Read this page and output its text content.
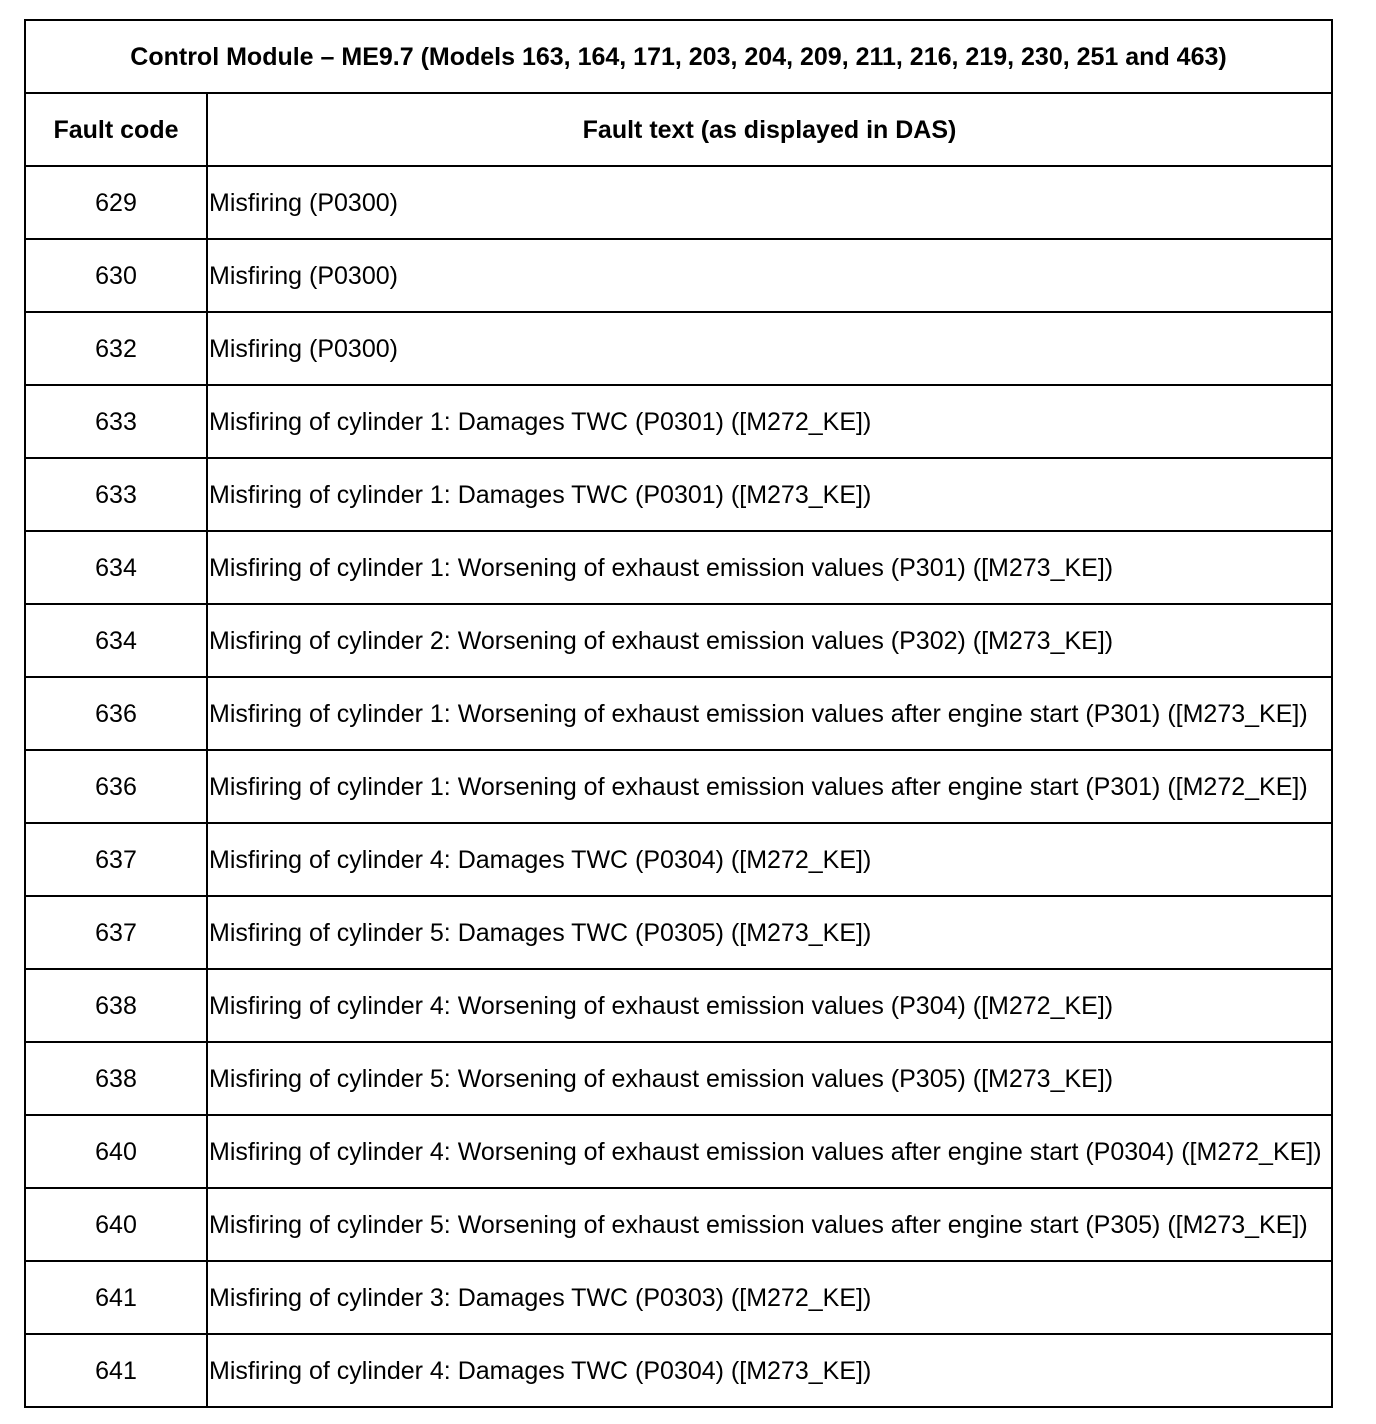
Control Module – ME9.7 (Models 163, 164, 171, 203, 204, 209, 211, 216, 219, 230, 251 and 463)	
Fault code	Fault text (as displayed in DAS)
629	Misfiring (P0300)
630	Misfiring (P0300)
632	Misfiring (P0300)
633	Misfiring of cylinder 1: Damages TWC (P0301) ([M272_KE])
633	Misfiring of cylinder 1: Damages TWC (P0301) ([M273_KE])
634	Misfiring of cylinder 1: Worsening of exhaust emission values (P301) ([M273_KE])
634	Misfiring of cylinder 2: Worsening of exhaust emission values (P302) ([M273_KE])
636	Misfiring of cylinder 1: Worsening of exhaust emission values after engine start (P301) ([M273_KE])
636	Misfiring of cylinder 1: Worsening of exhaust emission values after engine start (P301) ([M272_KE])
637	Misfiring of cylinder 4: Damages TWC (P0304) ([M272_KE])
637	Misfiring of cylinder 5: Damages TWC (P0305) ([M273_KE])
638	Misfiring of cylinder 4: Worsening of exhaust emission values (P304) ([M272_KE])
638	Misfiring of cylinder 5: Worsening of exhaust emission values (P305) ([M273_KE])
640	Misfiring of cylinder 4: Worsening of exhaust emission values after engine start (P0304) ([M272_KE])
640	Misfiring of cylinder 5: Worsening of exhaust emission values after engine start (P305) ([M273_KE])
641	Misfiring of cylinder 3: Damages TWC (P0303) ([M272_KE])
641	Misfiring of cylinder 4: Damages TWC (P0304) ([M273_KE])
